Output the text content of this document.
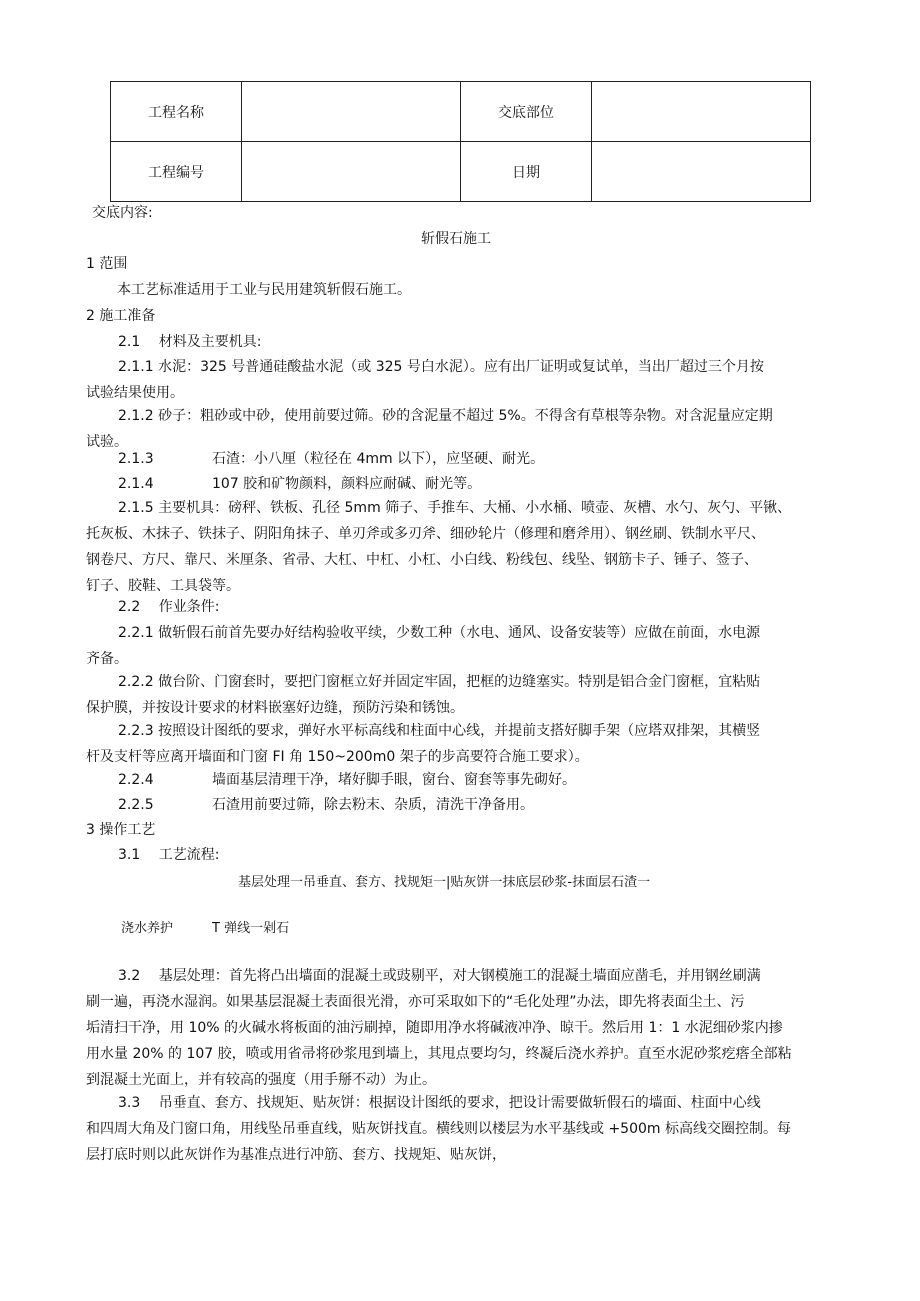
工程名称		交底部位	
工程编号		日期	
交底内容:
斩假石施工
1 范围
本工艺标准适用于工业与民用建筑斩假石施工。
2 施工准备
2.1　 材料及主要机具:
2.1.1 水泥：325 号普通硅酸盐水泥（或 325 号白水泥）。应有出厂证明或复试单，当出厂超过三个月按
试验结果使用。
2.1.2 砂子：粗砂或中砂，使用前要过筛。砂的含泥量不超过 5%。不得含有草根等杂物。对含泥量应定期
试验。
2.1.3	石渣：小八厘（粒径在 4mm 以下），应坚硬、耐光。
2.1.4	107 胶和矿物颜料，颜料应耐碱、耐光等。
2.1.5 主要机具：磅秤、铁板、孔径 5mm 筛子、手推车、大桶、小水桶、喷壶、灰槽、水勺、灰勺、平锹、
托灰板、木抹子、铁抹子、阴阳角抹子、单刃斧或多刃斧、细砂轮片（修理和磨斧用）、钢丝刷、铁制水平尺、
钢卷尺、方尺、靠尺、米厘条、省帚、大杠、中杠、小杠、小白线、粉线包、线坠、钢筋卡子、锤子、签子、
钉子、胶鞋、工具袋等。
2.2　 作业条件:
2.2.1 做斩假石前首先要办好结构验收平续，少数工种（水电、通风、设备安装等）应做在前面，水电源
齐备。
2.2.2 做台阶、门窗套时，要把门窗框立好并固定牢固，把框的边缝塞实。特别是铝合金门窗框，宜粘贴
保护膜，并按设计要求的材料嵌塞好边缝，预防污染和锈蚀。
2.2.3 按照设计图纸的要求，弹好水平标高线和柱面中心线，并提前支搭好脚手架（应塔双排架，其横竖
杆及支杆等应离开墙面和门窗 FI 角 150~200m0 架子的步高要符合施工要求）。
2.2.4	墙面基层清理干净，堵好脚手眼，窗台、窗套等事先砌好。
2.2.5	石渣用前要过筛，除去粉末、杂质，清洗干净备用。
3 操作工艺
3.1　 工艺流程:
基层处理一吊垂直、套方、找规矩一|贴灰饼一抹底层砂浆-抹面层石渣一
浇水养护	T 弹线一剁石
3.2　 基层处理：首先将凸出墙面的混凝土或豉剔平，对大钢模施工的混凝土墙面应凿毛，并用钢丝刷满
刷一遍，再浇水湿润。如果基层混凝土表面很光滑，亦可采取如下的“毛化处理”办法，即先将表面尘土、污
垢清扫干净，用 10% 的火碱水将板面的油污刷掉，随即用净水将碱液冲净、晾干。然后用 1：1 水泥细砂浆内掺
用水量 20% 的 107 胶，喷或用省帚将砂浆甩到墙上，其甩点要均匀，终凝后浇水养护。直至水泥砂浆疙瘩全部粘
到混凝土光面上，并有较高的强度（用手掰不动）为止。
3.3　 吊垂直、套方、找规矩、贴灰饼：根据设计图纸的要求，把设计需要做斩假石的墙面、柱面中心线
和四周大角及门窗口角，用线坠吊垂直线，贴灰饼找直。横线则以楼层为水平基线或 +500m 标高线交圈控制。每
层打底时则以此灰饼作为基准点进行冲筋、套方、找规矩、贴灰饼，
